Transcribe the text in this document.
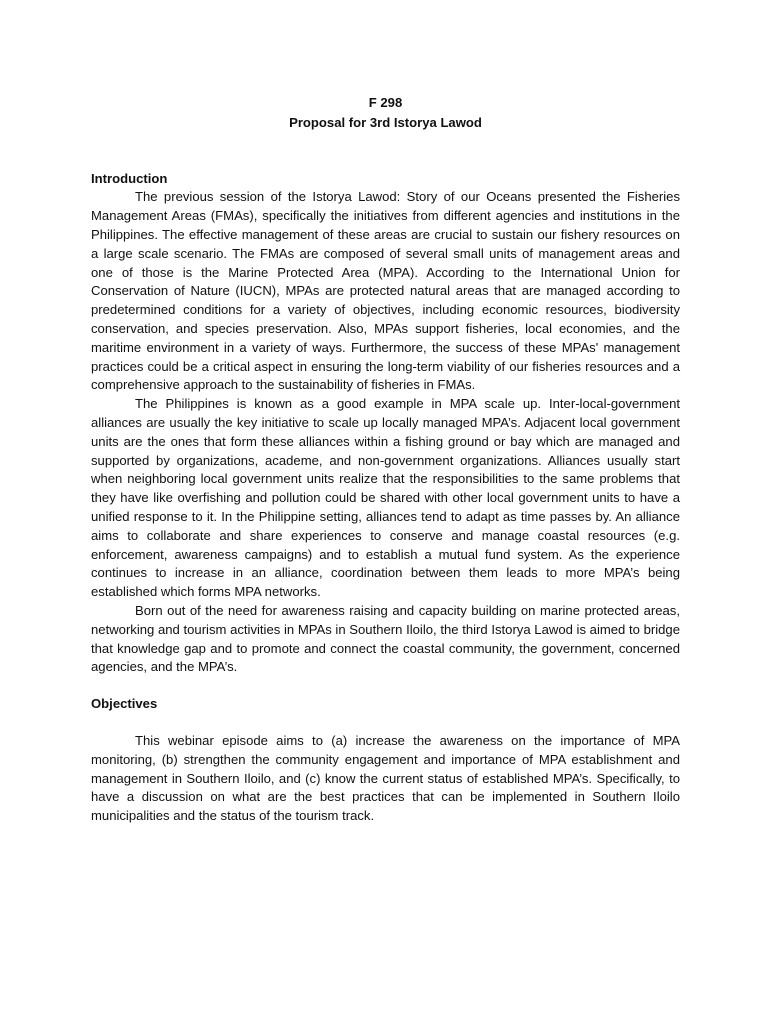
F 298
Proposal for 3rd Istorya Lawod
Introduction

The previous session of the Istorya Lawod: Story of our Oceans presented the Fisheries Management Areas (FMAs), specifically the initiatives from different agencies and institutions in the Philippines. The effective management of these areas are crucial to sustain our fishery resources on a large scale scenario. The FMAs are composed of several small units of management areas and one of those is the Marine Protected Area (MPA). According to the International Union for Conservation of Nature (IUCN), MPAs are protected natural areas that are managed according to predetermined conditions for a variety of objectives, including economic resources, biodiversity conservation, and species preservation. Also, MPAs support fisheries, local economies, and the maritime environment in a variety of ways. Furthermore, the success of these MPAs' management practices could be a critical aspect in ensuring the long-term viability of our fisheries resources and a comprehensive approach to the sustainability of fisheries in FMAs.

The Philippines is known as a good example in MPA scale up. Inter-local-government alliances are usually the key initiative to scale up locally managed MPA’s. Adjacent local government units are the ones that form these alliances within a fishing ground or bay which are managed and supported by organizations, academe, and non-government organizations. Alliances usually start when neighboring local government units realize that the responsibilities to the same problems that they have like overfishing and pollution could be shared with other local government units to have a unified response to it. In the Philippine setting, alliances tend to adapt as time passes by. An alliance aims to collaborate and share experiences to conserve and manage coastal resources (e.g. enforcement, awareness campaigns) and to establish a mutual fund system. As the experience continues to increase in an alliance, coordination between them leads to more MPA’s being established which forms MPA networks.

Born out of the need for awareness raising and capacity building on marine protected areas, networking and tourism activities in MPAs in Southern Iloilo, the third Istorya Lawod is aimed to bridge that knowledge gap and to promote and connect the coastal community, the government, concerned agencies, and the MPA’s.

Objectives

This webinar episode aims to (a) increase the awareness on the importance of MPA monitoring, (b) strengthen the community engagement and importance of MPA establishment and management in Southern Iloilo, and (c) know the current status of established MPA’s. Specifically, to have a discussion on what are the best practices that can be implemented in Southern Iloilo municipalities and the status of the tourism track.
